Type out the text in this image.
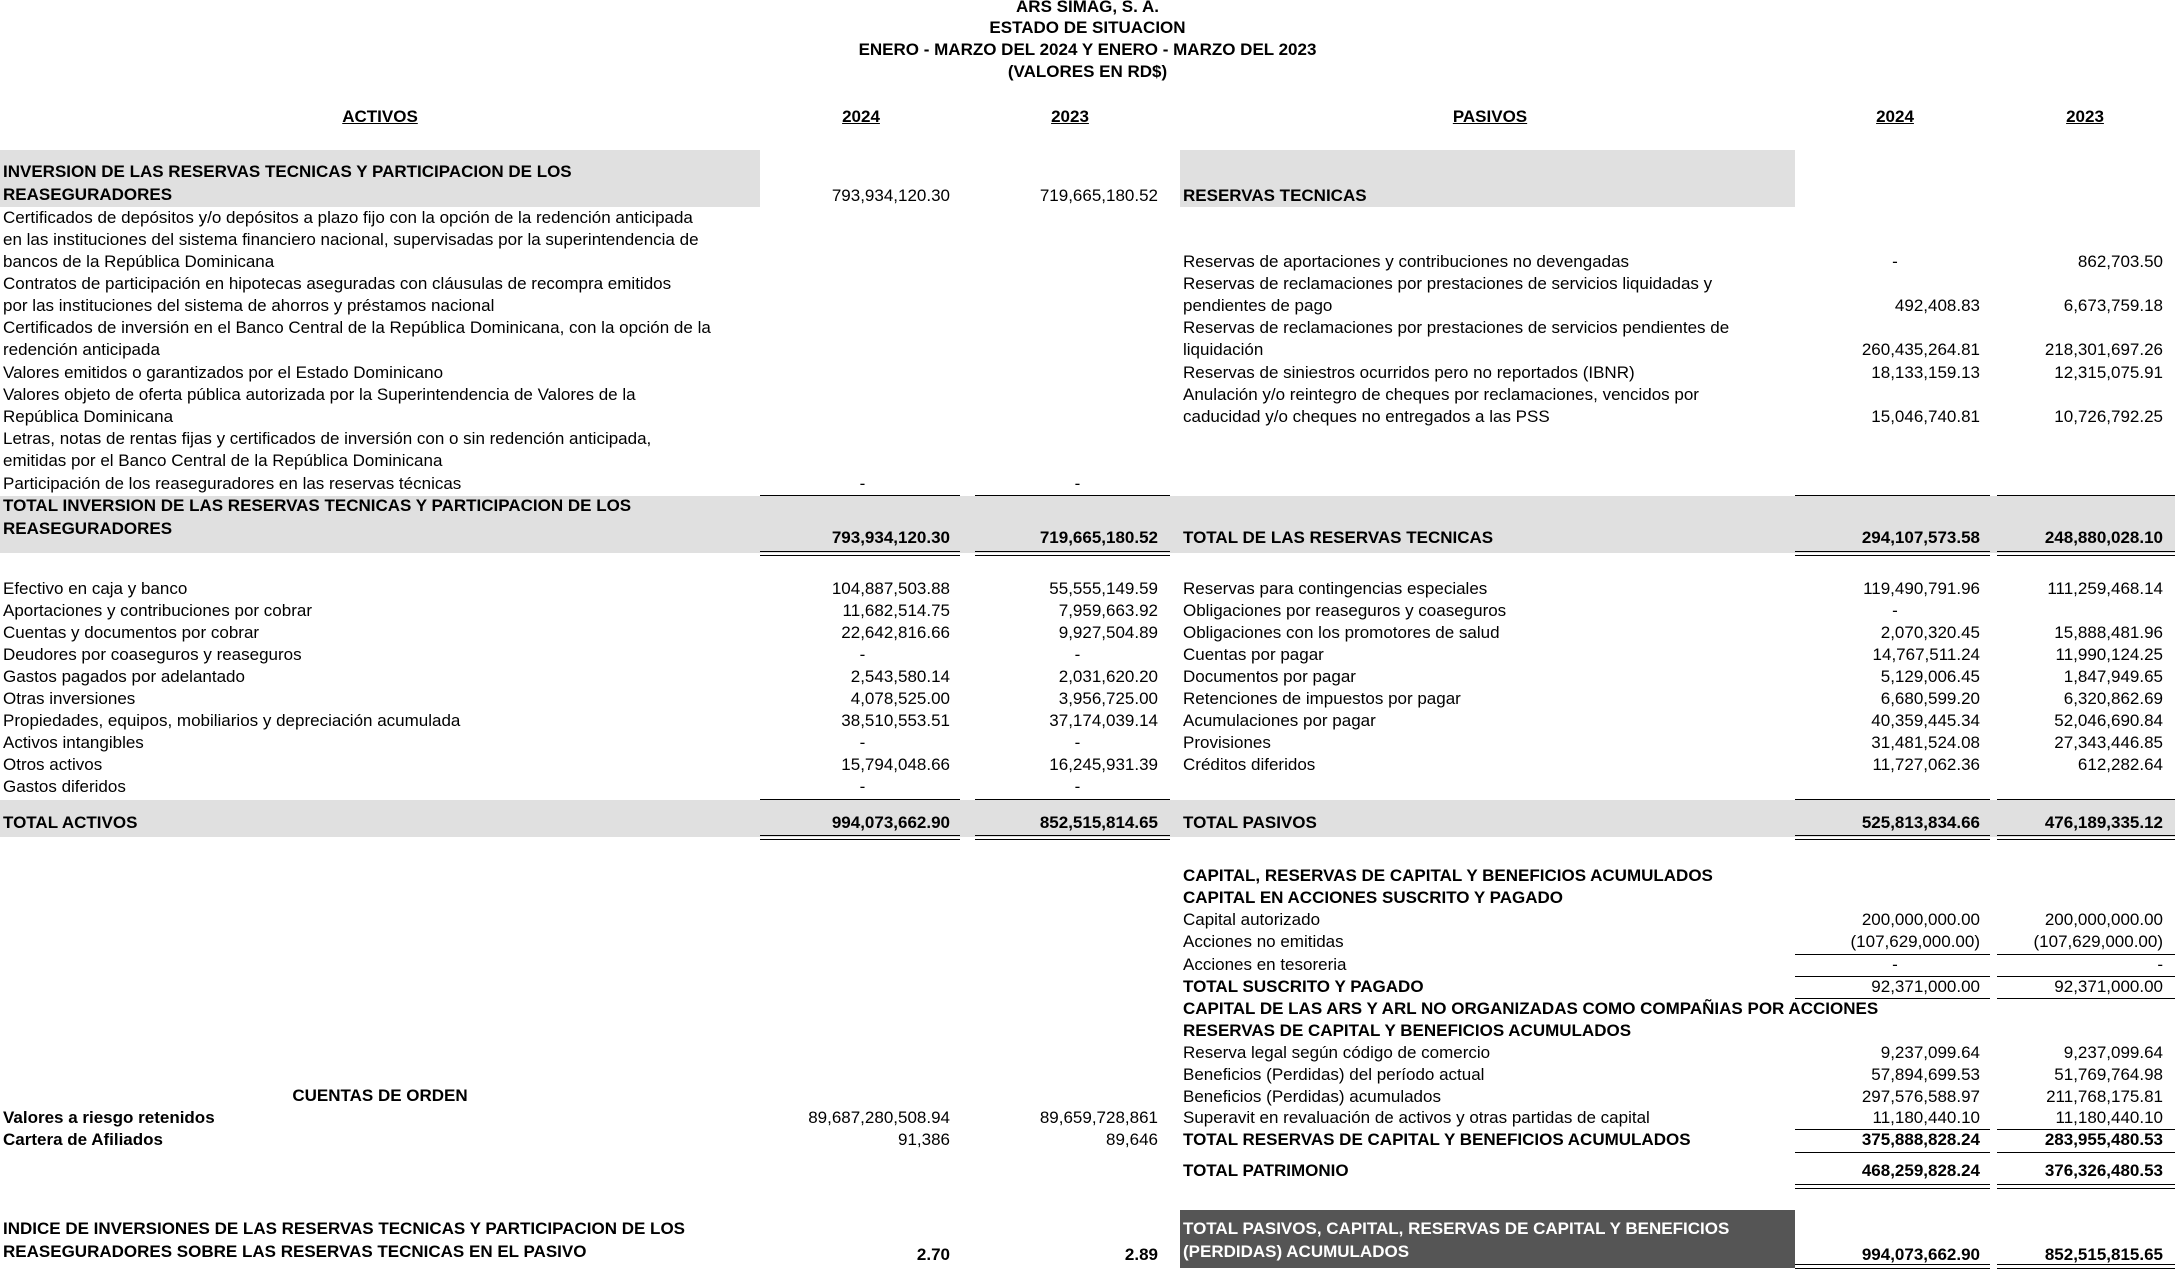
ARS SIMAG, S. A.
ESTADO DE SITUACION
ENERO - MARZO DEL 2024 Y ENERO - MARZO DEL 2023
(VALORES EN RD$)
ACTIVOS	2024	2023	PASIVOS	2024	2023
INVERSION DE LAS RESERVAS TECNICAS Y PARTICIPACION DE LOS
REASEGURADORES	793,934,120.30	719,665,180.52
Certificados de depósitos y/o depósitos a plazo fijo con la opción de la redención anticipada
en las instituciones del sistema financiero nacional, supervisadas por la superintendencia de
bancos de la República Dominicana
Contratos de participación en hipotecas aseguradas con cláusulas de recompra emitidos
por las instituciones del sistema de ahorros y préstamos nacional
Certificados de inversión en el Banco Central de la República Dominicana, con la opción de la
redención anticipada
Valores emitidos o garantizados por el Estado Dominicano
Valores objeto de oferta pública autorizada por la Superintendencia de Valores de la
República Dominicana
Letras, notas de rentas fijas y certificados de inversión con o sin redención anticipada,
emitidas por el Banco Central de la República Dominicana
Participación de los reaseguradores en las reservas técnicas	-	-
TOTAL INVERSION DE LAS RESERVAS TECNICAS Y PARTICIPACION DE LOS
REASEGURADORES	793,934,120.30	719,665,180.52
Efectivo en caja y banco	104,887,503.88	55,555,149.59
Aportaciones y contribuciones por cobrar	11,682,514.75	7,959,663.92
Cuentas y documentos por cobrar	22,642,816.66	9,927,504.89
Deudores por coaseguros y reaseguros	-	-
Gastos pagados por adelantado	2,543,580.14	2,031,620.20
Otras inversiones	4,078,525.00	3,956,725.00
Propiedades, equipos, mobiliarios y depreciación acumulada	38,510,553.51	37,174,039.14
Activos intangibles	-	-
Otros activos	15,794,048.66	16,245,931.39
Gastos diferidos	-	-
TOTAL ACTIVOS	994,073,662.90	852,515,814.65
CUENTAS DE ORDEN
Valores a riesgo retenidos	89,687,280,508.94	89,659,728,861
Cartera de Afiliados	91,386	89,646
INDICE DE INVERSIONES DE LAS RESERVAS TECNICAS Y PARTICIPACION DE LOS
REASEGURADORES SOBRE LAS RESERVAS TECNICAS EN EL PASIVO	2.70	2.89
RESERVAS TECNICAS
Reservas de aportaciones y contribuciones no devengadas	-	862,703.50
Reservas de reclamaciones por prestaciones de servicios liquidadas y
pendientes de pago	492,408.83	6,673,759.18
Reservas de reclamaciones por prestaciones de servicios pendientes de
liquidación	260,435,264.81	218,301,697.26
Reservas de siniestros ocurridos pero no reportados (IBNR)	18,133,159.13	12,315,075.91
Anulación y/o reintegro de cheques por reclamaciones, vencidos por
caducidad y/o cheques no entregados a las PSS	15,046,740.81	10,726,792.25
TOTAL DE LAS RESERVAS TECNICAS	294,107,573.58	248,880,028.10
Reservas para contingencias especiales	119,490,791.96	111,259,468.14
Obligaciones por reaseguros y coaseguros	-
Obligaciones con los promotores de salud	2,070,320.45	15,888,481.96
Cuentas por pagar	14,767,511.24	11,990,124.25
Documentos por pagar	5,129,006.45	1,847,949.65
Retenciones de impuestos por pagar	6,680,599.20	6,320,862.69
Acumulaciones por pagar	40,359,445.34	52,046,690.84
Provisiones	31,481,524.08	27,343,446.85
Créditos diferidos	11,727,062.36	612,282.64
TOTAL PASIVOS	525,813,834.66	476,189,335.12
CAPITAL, RESERVAS DE CAPITAL Y BENEFICIOS ACUMULADOS
CAPITAL EN ACCIONES SUSCRITO Y PAGADO
Capital autorizado	200,000,000.00	200,000,000.00
Acciones no emitidas	(107,629,000.00)	(107,629,000.00)
Acciones en tesoreria	-	-
TOTAL SUSCRITO Y PAGADO	92,371,000.00	92,371,000.00
CAPITAL DE LAS ARS Y ARL NO ORGANIZADAS COMO COMPAÑIAS POR ACCIONES
RESERVAS DE CAPITAL Y BENEFICIOS ACUMULADOS
Reserva legal según código de comercio	9,237,099.64	9,237,099.64
Beneficios (Perdidas) del período actual	57,894,699.53	51,769,764.98
Beneficios (Perdidas) acumulados	297,576,588.97	211,768,175.81
Superavit en revaluación de activos y otras partidas de capital	11,180,440.10	11,180,440.10
TOTAL RESERVAS DE CAPITAL Y BENEFICIOS ACUMULADOS	375,888,828.24	283,955,480.53
TOTAL PATRIMONIO	468,259,828.24	376,326,480.53
TOTAL PASIVOS, CAPITAL, RESERVAS DE CAPITAL Y BENEFICIOS
(PERDIDAS) ACUMULADOS	994,073,662.90	852,515,815.65
